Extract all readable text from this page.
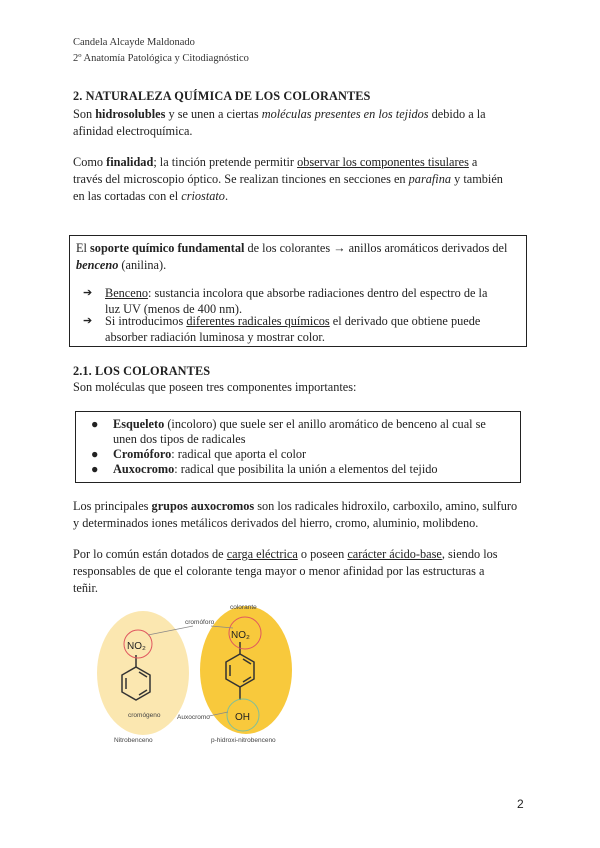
Candela Alcayde Maldonado
2º Anatomía Patológica y Citodiagnóstico
2. NATURALEZA QUÍMICA DE LOS COLORANTES
Son hidrosolubles y se unen a ciertas moléculas presentes en los tejidos debido a la
afinidad electroquímica.
Como finalidad; la tinción pretende permitir observar los componentes tisulares a
través del microscopio óptico. Se realizan tinciones en secciones en parafina y también
en las cortadas con el criostato.
El soporte químico fundamental de los colorantes → anillos aromáticos derivados del
benceno (anilina).
➔ Benceno: sustancia incolora que absorbe radiaciones dentro del espectro de la
luz UV (menos de 400 nm).
➔ Si introducimos diferentes radicales químicos el derivado que obtiene puede
absorber radiación luminosa y mostrar color.
2.1. LOS COLORANTES
Son moléculas que poseen tres componentes importantes:
● Esqueleto (incoloro) que suele ser el anillo aromático de benceno al cual se
unen dos tipos de radicales
● Cromóforo: radical que aporta el color
● Auxocromo: radical que posibilita la unión a elementos del tejido
Los principales grupos auxocromos son los radicales hidroxilo, carboxilo, amino, sulfuro
y determinados iones metálicos derivados del hierro, cromo, aluminio, molibdeno.
Por lo común están dotados de carga eléctrica o poseen carácter ácido-base, siendo los
responsables de que el colorante tenga mayor o menor afinidad por las estructuras a
teñir.
NO₂
NO₂
OH
cromóforo
colorante
cromógeno	Auxocromo
Nitrobenceno	p-hidroxi-nitrobenceno
2
